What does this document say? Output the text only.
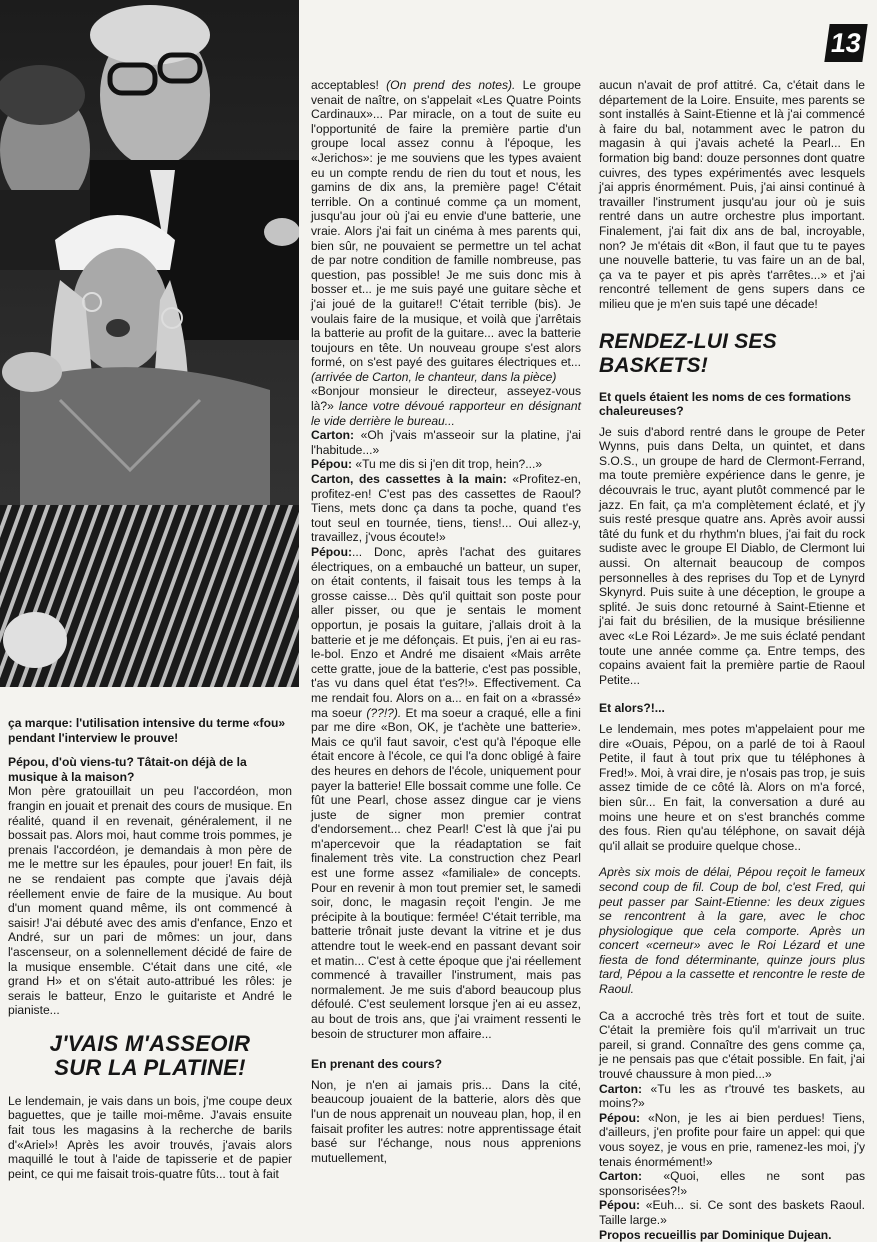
13

ça marque: l'utilisation intensive du terme «fou» pendant l'interview le prouve!

Pépou, d'où viens-tu? Tâtait-on déjà de la musique à la maison?

Mon père gratouillait un peu l'accordéon, mon frangin en jouait et prenait des cours de musique. En réalité, quand il en revenait, généralement, il ne bossait pas. Alors moi, haut comme trois pommes, je prenais l'accordéon, je demandais à mon père de me le mettre sur les épaules, pour jouer! En fait, ils ne se rendaient pas compte que j'avais déjà réellement envie de faire de la musique. Au bout d'un moment quand même, ils ont commencé à saisir! J'ai débuté avec des amis d'enfance, Enzo et André, sur un pari de mômes: un jour, dans l'ascenseur, on a solennellement décidé de faire de la musique ensemble. C'était dans une cité, «le grand H» et on s'était auto-attribué les rôles: je serais le batteur, Enzo le guitariste et André le pianiste...

J'VAIS M'ASSEOIR
SUR LA PLATINE!

Le lendemain, je vais dans un bois, j'me coupe deux baguettes, que je taille moi-même. J'avais ensuite fait tous les magasins à la recherche de barils d'«Ariel»! Après les avoir trouvés, j'avais alors maquillé le tout à l'aide de tapisserie et de papier peint, ce qui me faisait trois-quatre fûts... tout à fait

acceptables! (On prend des notes). Le groupe venait de naître, on s'appelait «Les Quatre Points Cardinaux»... Par miracle, on a tout de suite eu l'opportunité de faire la première partie d'un groupe local assez connu à l'époque, les «Jerichos»: je me souviens que les types avaient eu un compte rendu de rien du tout et nous, les gamins de dix ans, la première page! C'était terrible. On a continué comme ça un moment, jusqu'au jour où j'ai eu envie d'une batterie, une vraie. Alors j'ai fait un cinéma à mes parents qui, bien sûr, ne pouvaient se permettre un tel achat de par notre condition de famille nombreuse, pas question, pas possible! Je me suis donc mis à bosser et... je me suis payé une guitare sèche et j'ai joué de la guitare!! C'était terrible (bis). Je voulais faire de la musique, et voilà que j'arrêtais la batterie au profit de la guitare... avec la batterie toujours en tête. Un nouveau groupe s'est alors formé, on s'est payé des guitares électriques et... (arrivée de Carton, le chanteur, dans la pièce)

«Bonjour monsieur le directeur, asseyez-vous là?» lance votre dévoué rapporteur en désignant le vide derrière le bureau...

Carton: «Oh j'vais m'asseoir sur la platine, j'ai l'habitude...»

Pépou: «Tu me dis si j'en dit trop, hein?...»

Carton, des cassettes à la main: «Profitez-en, profitez-en! C'est pas des cassettes de Raoul? Tiens, mets donc ça dans ta poche, quand t'es tout seul en tournée, tiens, tiens!... Oui allez-y, travaillez, j'vous écoute!»

Pépou:... Donc, après l'achat des guitares électriques, on a embauché un batteur, un super, on était contents, il faisait tous les temps à la grosse caisse... Dès qu'il quittait son poste pour aller pisser, ou que je sentais le moment opportun, je posais la guitare, j'allais droit à la batterie et je me défonçais. Et puis, j'en ai eu ras-le-bol. Enzo et André me disaient «Mais arrête cette gratte, joue de la batterie, c'est pas possible, t'as vu dans quel état t'es?!». Effectivement. Ca me rendait fou. Alors on a... en fait on a «brassé» ma soeur (??!?). Et ma soeur a craqué, elle a fini par me dire «Bon, OK, je t'achète une batterie». Mais ce qu'il faut savoir, c'est qu'à l'époque elle était encore à l'école, ce qui l'a donc obligé à faire des heures en dehors de l'école, uniquement pour payer la batterie! Elle bossait comme une folle. Ce fût une Pearl, chose assez dingue car je viens juste de signer mon premier contrat d'endorsement... chez Pearl! C'est là que j'ai pu m'apercevoir que la réadaptation se fait finalement très vite. La construction chez Pearl est une forme assez «familiale» de concepts. Pour en revenir à mon tout premier set, le samedi soir, donc, le magasin reçoit l'engin. Je me précipite à la boutique: fermée! C'était terrible, ma batterie trônait juste devant la vitrine et je dus attendre tout le week-end en passant devant soir et matin... C'est à cette époque que j'ai réellement commencé à travailler l'instrument, mais pas normalement. Je me suis d'abord beaucoup plus défoulé. C'est seulement lorsque j'en ai eu assez, au bout de trois ans, que j'ai vraiment ressenti le besoin de structurer mon affaire...

En prenant des cours?

Non, je n'en ai jamais pris... Dans la cité, beaucoup jouaient de la batterie, alors dès que l'un de nous apprenait un nouveau plan, hop, il en faisait profiter les autres: notre apprentissage était basé sur l'échange, nous nous apprenions mutuellement,

aucun n'avait de prof attitré. Ca, c'était dans le département de la Loire. Ensuite, mes parents se sont installés à Saint-Etienne et là j'ai commencé à faire du bal, notamment avec le patron du magasin à qui j'avais acheté la Pearl... En formation big band: douze personnes dont quatre cuivres, des types expérimentés avec lesquels j'ai appris énormément. Puis, j'ai ainsi continué à travailler l'instrument jusqu'au jour où je suis rentré dans un autre orchestre plus important. Finalement, j'ai fait dix ans de bal, incroyable, non? Je m'étais dit «Bon, il faut que tu te payes une nouvelle batterie, tu vas faire un an de bal, ça va te payer et pis après t'arrêtes...» et j'ai rencontré tellement de gens supers dans ce milieu que je m'en suis tapé une décade!

RENDEZ-LUI SES BASKETS!

Et quels étaient les noms de ces formations chaleureuses?

Je suis d'abord rentré dans le groupe de Peter Wynns, puis dans Delta, un quintet, et dans S.O.S., un groupe de hard de Clermont-Ferrand, ma toute première expérience dans le genre, je découvrais le truc, ayant plutôt commencé par le jazz. En fait, ça m'a complètement éclaté, et j'y suis resté presque quatre ans. Après avoir aussi tâté du funk et du rhythm'n blues, j'ai fait du rock sudiste avec le groupe El Diablo, de Clermont lui aussi. On alternait beaucoup de compos personnelles à des reprises du Top et de Lynyrd Skynyrd. Puis suite à une déception, le groupe a splité. Je suis donc retourné à Saint-Etienne et j'ai fait du brésilien, de la musique brésilienne avec «Le Roi Lézard». Je me suis éclaté pendant toute une année comme ça. Entre temps, des copains avaient fait la première partie de Raoul Petite...

Et alors?!...

Le lendemain, mes potes m'appelaient pour me dire «Ouais, Pépou, on a parlé de toi à Raoul Petite, il faut à tout prix que tu téléphones à Fred!». Moi, à vrai dire, je n'osais pas trop, je suis assez timide de ce côté là. Alors on m'a forcé, bien sûr... En fait, la conversation a duré au moins une heure et on s'est branchés comme des fous. Rien qu'au téléphone, on savait déjà qu'il allait se produire quelque chose..

Après six mois de délai, Pépou reçoit le fameux second coup de fil. Coup de bol, c'est Fred, qui peut passer par Saint-Etienne: les deux zigues se rencontrent à la gare, avec le choc physiologique que cela comporte. Après un concert «cerneur» avec le Roi Lézard et une fiesta de fond déterminante, quinze jours plus tard, Pépou a la cassette et rencontre le reste de Raoul.

Ca a accroché très très fort et tout de suite. C'était la première fois qu'il m'arrivait un truc pareil, si grand. Connaître des gens comme ça, je ne pensais pas que c'était possible. En fait, j'ai trouvé chaussure à mon pied...»

Carton: «Tu les as r'trouvé tes baskets, au moins?»

Pépou: «Non, je les ai bien perdues! Tiens, d'ailleurs, j'en profite pour faire un appel: qui que vous soyez, je vous en prie, ramenez-les moi, j'y tenais énormément!»

Carton: «Quoi, elles ne sont pas sponsorisées?!»

Pépou: «Euh... si. Ce sont des baskets Raoul. Taille large.»

Propos recueillis par Dominique Dujean.
